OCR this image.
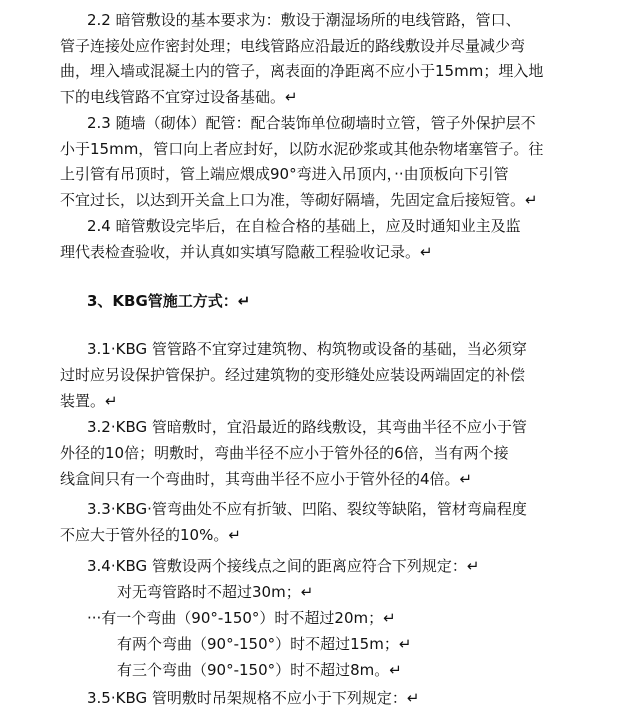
2.2 暗管敷设的基本要求为：敷设于潮湿场所的电线管路，管口、
管子连接处应作密封处理；电线管路应沿最近的路线敷设并尽量减少弯
曲，埋入墙或混凝土内的管子，离表面的净距离不应小于15mm；埋入地
下的电线管路不宜穿过设备基础。↵
2.3 随墙（砌体）配管：配合装饰单位砌墙时立管，管子外保护层不
小于15mm，管口向上者应封好，以防水泥砂浆或其他杂物堵塞管子。往
上引管有吊顶时，管上端应煨成90°弯进入吊顶内，··由顶板向下引管
不宜过长，以达到开关盒上口为准，等砌好隔墙，先固定盒后接短管。↵
2.4 暗管敷设完毕后，在自检合格的基础上，应及时通知业主及监
理代表检查验收，并认真如实填写隐蔽工程验收记录。↵
3、KBG管施工方式：↵
3.1·KBG 管管路不宜穿过建筑物、构筑物或设备的基础，当必须穿
过时应另设保护管保护。经过建筑物的变形缝处应装设两端固定的补偿
装置。↵
3.2·KBG 管暗敷时，宜沿最近的路线敷设，其弯曲半径不应小于管
外径的10倍；明敷时，弯曲半径不应小于管外径的6倍，当有两个接
线盒间只有一个弯曲时，其弯曲半径不应小于管外径的4倍。↵
3.3·KBG·管弯曲处不应有折皱、凹陷、裂纹等缺陷，管材弯扁程度
不应大于管外径的10%。↵
3.4·KBG 管敷设两个接线点之间的距离应符合下列规定：↵
对无弯管路时不超过30m；↵
···有一个弯曲（90°-150°）时不超过20m；↵
有两个弯曲（90°-150°）时不超过15m；↵
有三个弯曲（90°-150°）时不超过8m。↵
3.5·KBG 管明敷时吊架规格不应小于下列规定：↵
